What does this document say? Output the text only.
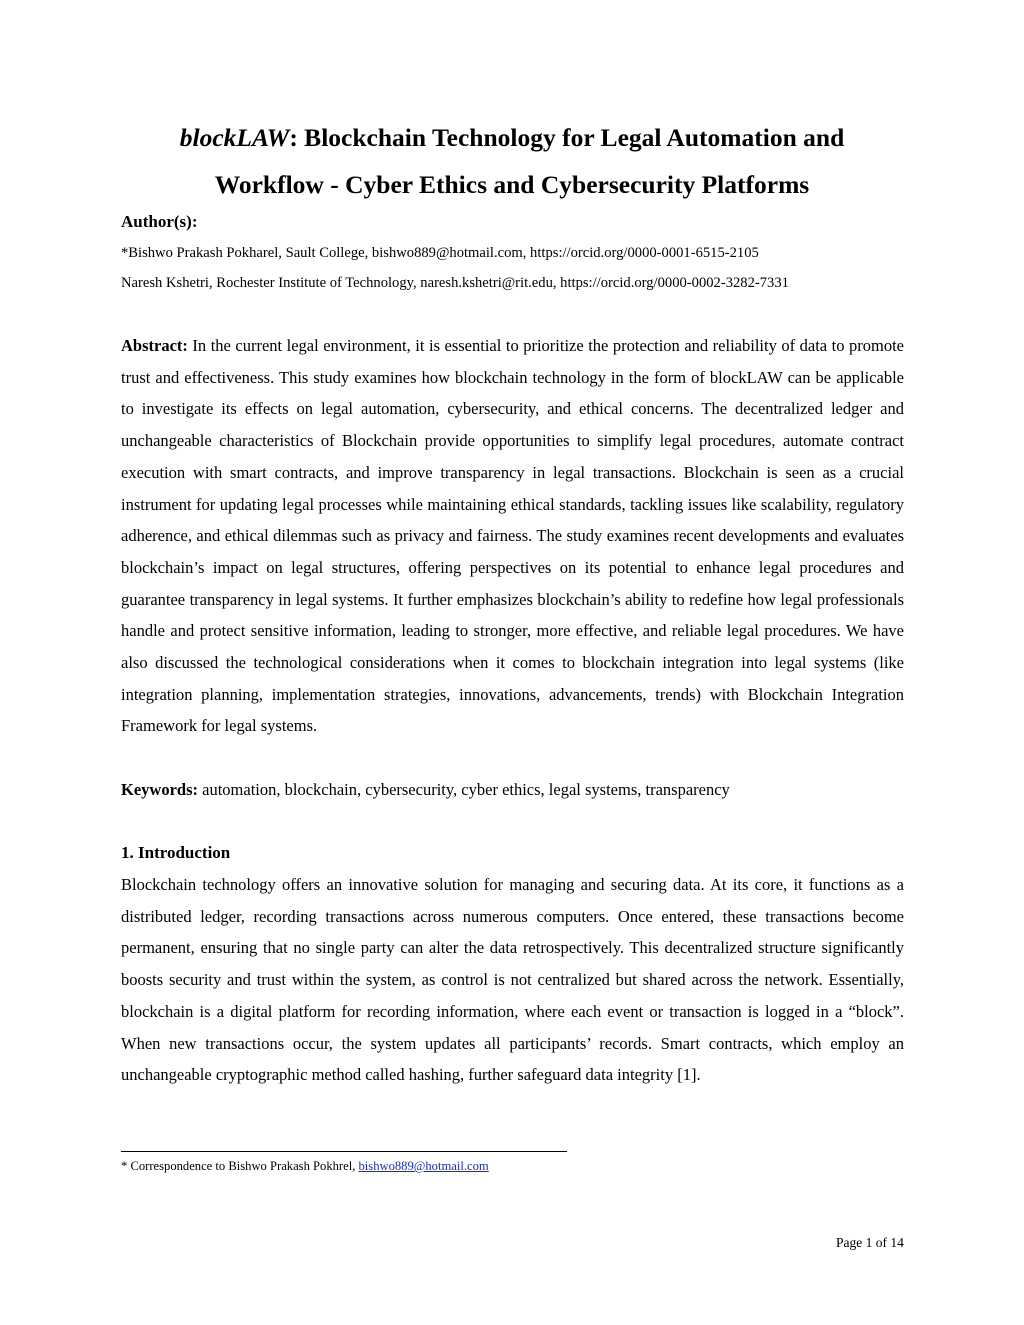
blockLAW: Blockchain Technology for Legal Automation and
Workflow - Cyber Ethics and Cybersecurity Platforms
Author(s):
*Bishwo Prakash Pokharel, Sault College, bishwo889@hotmail.com, https://orcid.org/0000-0001-6515-2105
Naresh Kshetri, Rochester Institute of Technology, naresh.kshetri@rit.edu, https://orcid.org/0000-0002-3282-7331

Abstract: In the current legal environment, it is essential to prioritize the protection and reliability of data to promote trust and effectiveness. This study examines how blockchain technology in the form of blockLAW can be applicable to investigate its effects on legal automation, cybersecurity, and ethical concerns. The decentralized ledger and unchangeable characteristics of Blockchain provide opportunities to simplify legal procedures, automate contract execution with smart contracts, and improve transparency in legal transactions. Blockchain is seen as a crucial instrument for updating legal processes while maintaining ethical standards, tackling issues like scalability, regulatory adherence, and ethical dilemmas such as privacy and fairness. The study examines recent developments and evaluates blockchain’s impact on legal structures, offering perspectives on its potential to enhance legal procedures and guarantee transparency in legal systems. It further emphasizes blockchain’s ability to redefine how legal professionals handle and protect sensitive information, leading to stronger, more effective, and reliable legal procedures. We have also discussed the technological considerations when it comes to blockchain integration into legal systems (like integration planning, implementation strategies, innovations, advancements, trends) with Blockchain Integration Framework for legal systems.

Keywords: automation, blockchain, cybersecurity, cyber ethics, legal systems, transparency
1. Introduction

Blockchain technology offers an innovative solution for managing and securing data. At its core, it functions as a distributed ledger, recording transactions across numerous computers. Once entered, these transactions become permanent, ensuring that no single party can alter the data retrospectively. This decentralized structure significantly boosts security and trust within the system, as control is not centralized but shared across the network. Essentially, blockchain is a digital platform for recording information, where each event or transaction is logged in a “block”. When new transactions occur, the system updates all participants’ records. Smart contracts, which employ an unchangeable cryptographic method called hashing, further safeguard data integrity [1].

* Correspondence to Bishwo Prakash Pokhrel, bishwo889@hotmail.com
Page 1 of 14
